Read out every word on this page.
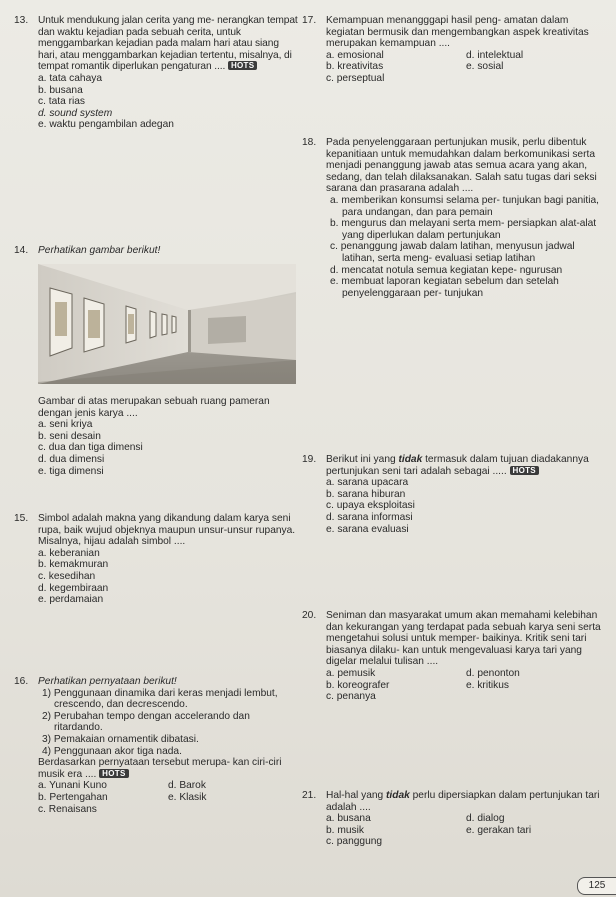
13. Untuk mendukung jalan cerita yang me- nerangkan tempat dan waktu kejadian pada sebuah cerita, untuk menggambarkan kejadian pada malam hari atau siang hari, atau menggambarkan kejadian tertentu, misalnya, di tempat romantik diperlukan pengaturan .... HOTS

a. tata cahaya
b. busana
c. tata rias
d. sound system
e. waktu pengambilan adegan
14. Perhatikan gambar berikut!

Gambar di atas merupakan sebuah ruang pameran dengan jenis karya ....

a. seni kriya
b. seni desain
c. dua dan tiga dimensi
d. dua dimensi
e. tiga dimensi
15. Simbol adalah makna yang dikandung dalam karya seni rupa, baik wujud objeknya maupun unsur-unsur rupanya. Misalnya, hijau adalah simbol ....

a. keberanian
b. kemakmuran
c. kesedihan
d. kegembiraan
e. perdamaian
16. Perhatikan pernyataan berikut!

1) Penggunaan dinamika dari keras menjadi lembut, crescendo, dan decrescendo.

2) Perubahan tempo dengan accelerando dan ritardando.

3) Pemakaian ornamentik dibatasi.

4) Penggunaan akor tiga nada.

Berdasarkan pernyataan tersebut merupa- kan ciri-ciri musik era .... HOTS

a. Yunani Kuno	d. Barok
b. Pertengahan	e. Klasik
c. Renaisans
17. Kemampuan menangggapi hasil peng- amatan dalam kegiatan bermusik dan mengembangkan aspek kreativitas merupakan kemampuan ....

a. emosional	d. intelektual
b. kreativitas	e. sosial
c. perseptual
18. Pada penyelenggaraan pertunjukan musik, perlu dibentuk kepanitiaan untuk memudahkan dalam berkomunikasi serta menjadi penanggung jawab atas semua acara yang akan, sedang, dan telah dilaksanakan. Salah satu tugas dari seksi sarana dan prasarana adalah ....

a. memberikan konsumsi selama per- tunjukan bagi panitia, para undangan, dan para pemain

b. mengurus dan melayani serta mem- persiapkan alat-alat yang diperlukan dalam pertunjukan

c. penanggung jawab dalam latihan, menyusun jadwal latihan, serta meng- evaluasi setiap latihan

d. mencatat notula semua kegiatan kepe- ngurusan

e. membuat laporan kegiatan sebelum dan setelah penyelenggaraan per- tunjukan

19. Berikut ini yang tidak termasuk dalam tujuan diadakannya pertunjukan seni tari adalah sebagai ..... HOTS

a. sarana upacara
b. sarana hiburan
c. upaya eksploitasi
d. sarana informasi
e. sarana evaluasi
20. Seniman dan masyarakat umum akan memahami kelebihan dan kekurangan yang terdapat pada sebuah karya seni serta mengetahui solusi untuk memper- baikinya. Kritik seni tari biasanya dilaku- kan untuk mengevaluasi karya tari yang digelar melalui tulisan ....

a. pemusik	d. penonton
b. koreografer	e. kritikus
c. penanya
21. Hal-hal yang tidak perlu dipersiapkan dalam pertunjukan tari adalah ....

a. busana	d. dialog
b. musik	e. gerakan tari
c. panggung
125
